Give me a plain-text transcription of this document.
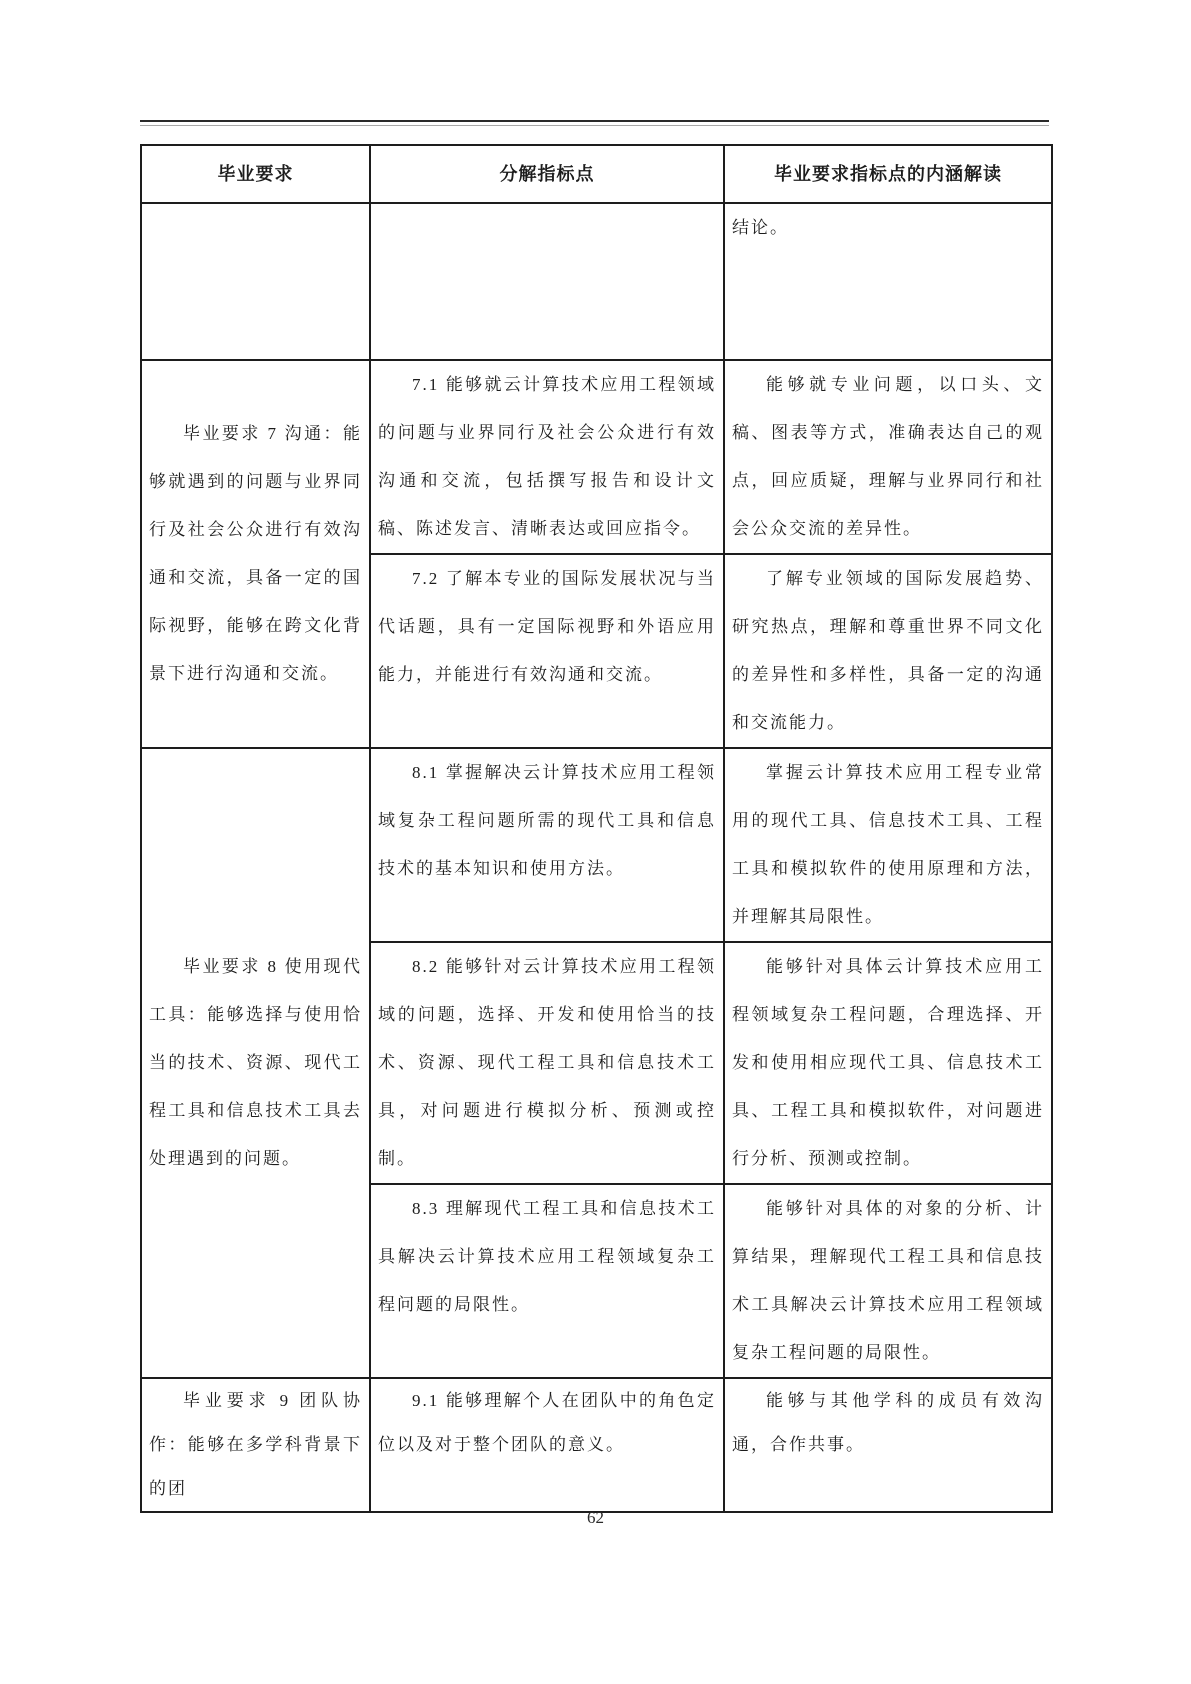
毕业要求	分解指标点	毕业要求指标点的内涵解读

		结论。

毕业要求 7 沟通：能够就遇到的问题与业界同行及社会公众进行有效沟通和交流，具备一定的国际视野，能够在跨文化背景下进行沟通和交流。	7.1 能够就云计算技术应用工程领域的问题与业界同行及社会公众进行有效沟通和交流，包括撰写报告和设计文稿、陈述发言、清晰表达或回应指令。	能够就专业问题，以口头、文稿、图表等方式，准确表达自己的观点，回应质疑，理解与业界同行和社会公众交流的差异性。

	7.2 了解本专业的国际发展状况与当代话题，具有一定国际视野和外语应用能力，并能进行有效沟通和交流。	了解专业领域的国际发展趋势、研究热点，理解和尊重世界不同文化的差异性和多样性，具备一定的沟通和交流能力。

毕业要求 8 使用现代工具：能够选择与使用恰当的技术、资源、现代工程工具和信息技术工具去处理遇到的问题。	8.1 掌握解决云计算技术应用工程领域复杂工程问题所需的现代工具和信息技术的基本知识和使用方法。	掌握云计算技术应用工程专业常用的现代工具、信息技术工具、工程工具和模拟软件的使用原理和方法，并理解其局限性。

	8.2 能够针对云计算技术应用工程领域的问题，选择、开发和使用恰当的技术、资源、现代工程工具和信息技术工具，对问题进行模拟分析、预测或控制。	能够针对具体云计算技术应用工程领域复杂工程问题，合理选择、开发和使用相应现代工具、信息技术工具、工程工具和模拟软件，对问题进行分析、预测或控制。

	8.3 理解现代工程工具和信息技术工具解决云计算技术应用工程领域复杂工程问题的局限性。	能够针对具体的对象的分析、计算结果，理解现代工程工具和信息技术工具解决云计算技术应用工程领域复杂工程问题的局限性。

毕业要求 9 团队协作：能够在多学科背景下的团	9.1 能够理解个人在团队中的角色定位以及对于整个团队的意义。	能够与其他学科的成员有效沟通，合作共事。

62
